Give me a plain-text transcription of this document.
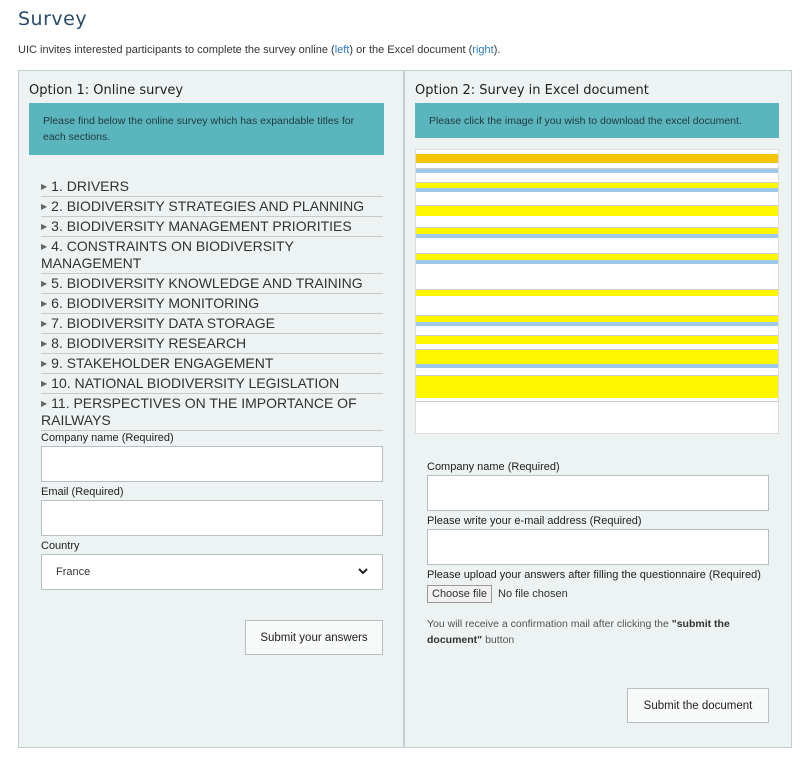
Survey
UIC invites interested participants to complete the survey online (left) or the Excel document (right).
Option 1: Online survey
Please find below the online survey which has expandable titles for each sections.
▶ 1. DRIVERS
▶ 2. BIODIVERSITY STRATEGIES AND PLANNING
▶ 3. BIODIVERSITY MANAGEMENT PRIORITIES
▶ 4. CONSTRAINTS ON BIODIVERSITY MANAGEMENT
▶ 5. BIODIVERSITY KNOWLEDGE AND TRAINING
▶ 6. BIODIVERSITY MONITORING
▶ 7. BIODIVERSITY DATA STORAGE
▶ 8. BIODIVERSITY RESEARCH
▶ 9. STAKEHOLDER ENGAGEMENT
▶ 10. NATIONAL BIODIVERSITY LEGISLATION
▶ 11. PERSPECTIVES ON THE IMPORTANCE OF RAILWAYS
Company name (Required)
Email (Required)
Country
France
Submit your answers
Option 2: Survey in Excel document
Please click the image if you wish to download the excel document.
Company name (Required)
Please write your e-mail address (Required)
Please upload your answers after filling the questionnaire (Required)
Choose file	No file chosen
You will receive a confirmation mail after clicking the "submit the document" button
Submit the document
